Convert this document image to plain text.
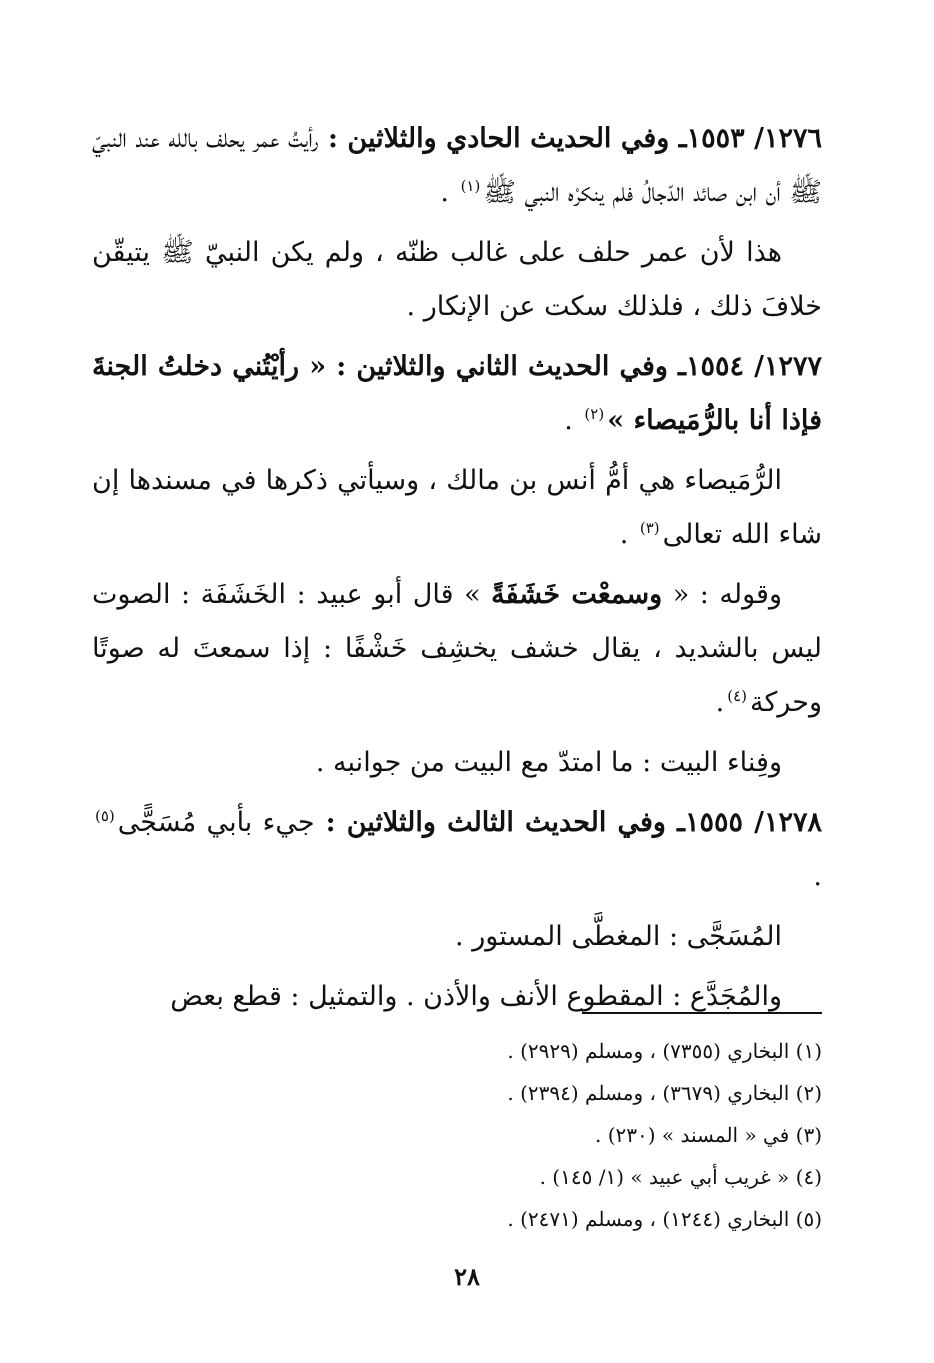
١٢٧٦/ ١٥٥٣ـ وفي الحديث الحادي والثلاثين : رأيتُ عمر يحلف بالله عند النبيّ ﷺ أن ابن صائد الدّجالُ فلم ينكرْه النبي ﷺ$^{(١)}$ .

هذا لأن عمر حلف على غالب ظنّه ، ولم يكن النبيّ ﷺ يتيقّن خلافَ ذلك ، فلذلك سكت عن الإنكار .

١٢٧٧/ ١٥٥٤ـ وفي الحديث الثاني والثلاثين : « رأيْتُني دخلتُ الجنةَ فإذا أنا بالرُّمَيصاء »$^{(٢)}$ .

الرُّمَيصاء هي أمُّ أنس بن مالك ، وسيأتي ذكرها في مسندها إن شاء الله تعالى$^{(٣)}$ .

وقوله : « وسمعْت خَشَفَةً » قال أبو عبيد : الخَشَفَة : الصوت ليس بالشديد ، يقال خشف يخشِف خَشْفًا : إذا سمعتَ له صوتًا وحركة$^{(٤)}$.

وفِناء البيت : ما امتدّ مع البيت من جوانبه .

١٢٧٨/ ١٥٥٥ـ وفي الحديث الثالث والثلاثين : جيء بأبي مُسَجًّى$^{(٥)}$ .

المُسَجَّى : المغطَّى المستور .

والمُجَدَّع : المقطوع الأنف والأذن . والتمثيل : قطع بعض

(١) البخاري (٧٣٥٥) ، ومسلم (٢٩٢٩) .
(٢) البخاري (٣٦٧٩) ، ومسلم (٢٣٩٤) .
(٣) في « المسند » (٢٣٠) .
(٤) « غريب أبي عبيد » (١/ ١٤٥) .
(٥) البخاري (١٢٤٤) ، ومسلم (٢٤٧١) .
٢٨
